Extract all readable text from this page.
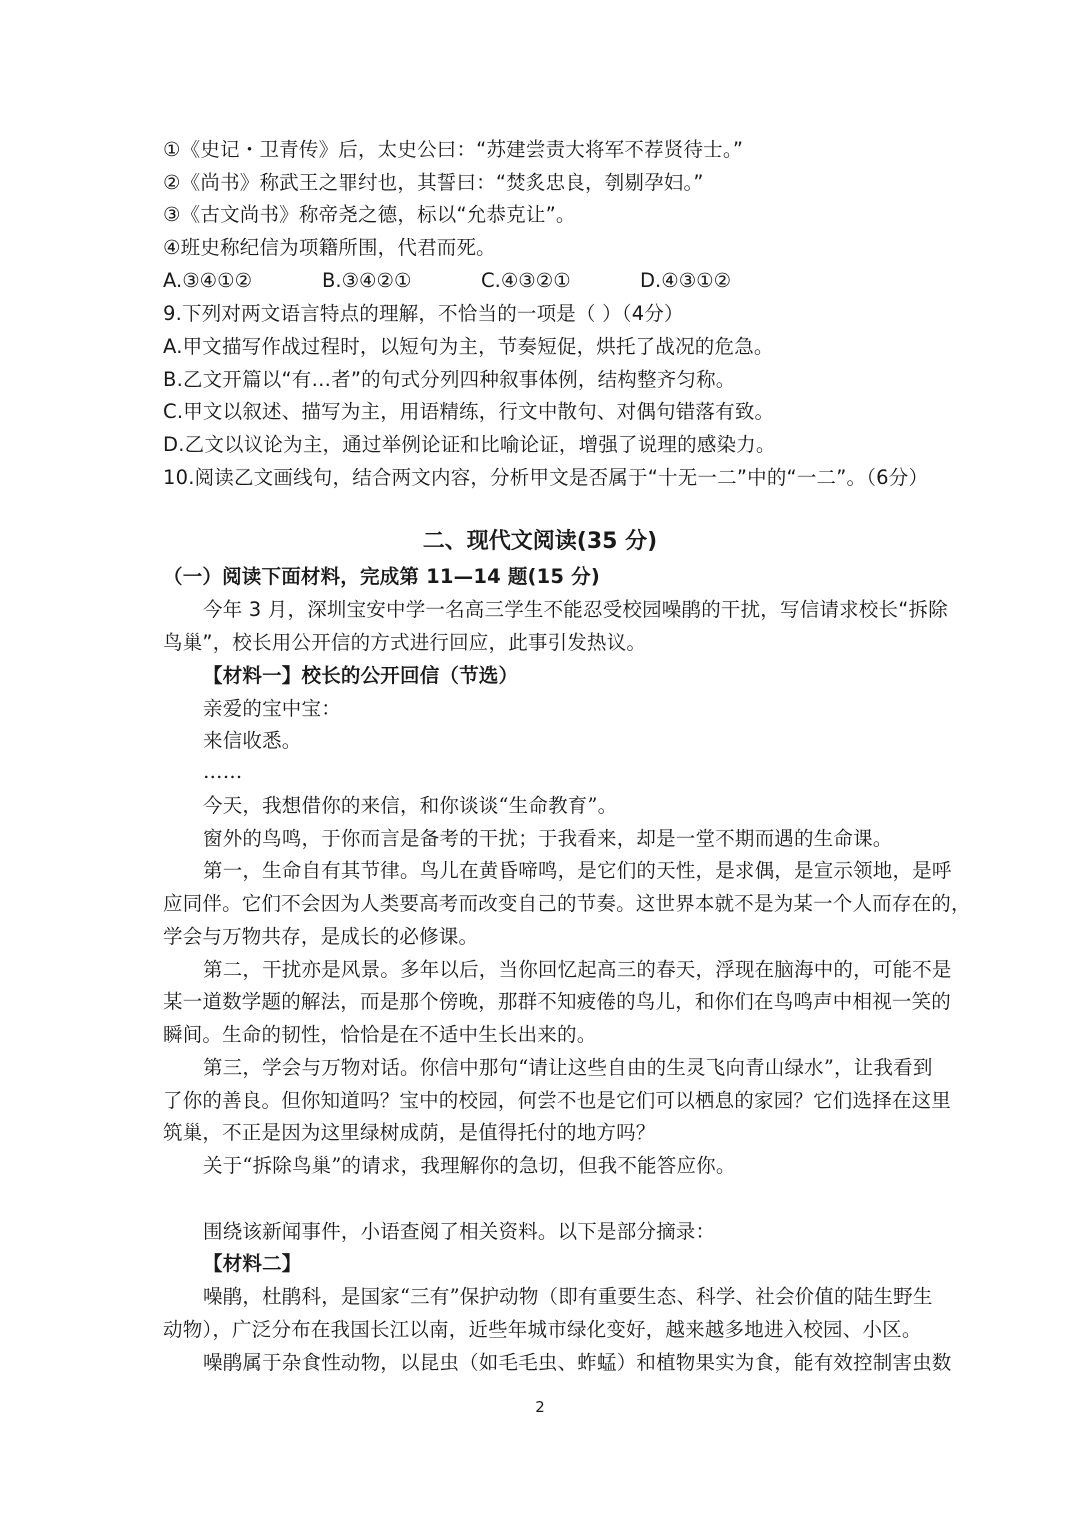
①《史记・卫青传》后，太史公曰：“苏建尝责大将军不荐贤待士。”
②《尚书》称武王之罪纣也，其誓曰：“焚炙忠良，刳剔孕妇。”
③《古文尚书》称帝尧之德，标以“允恭克让”。
④班史称纪信为项籍所围，代君而死。
A.③④①②	B.③④②①	C.④③②①	D.④③①②
9.下列对两文语言特点的理解，不恰当的一项是（ ）（4分）
A.甲文描写作战过程时，以短句为主，节奏短促，烘托了战况的危急。
B.乙文开篇以“有…者”的句式分列四种叙事体例，结构整齐匀称。
C.甲文以叙述、描写为主，用语精练，行文中散句、对偶句错落有致。
D.乙文以议论为主，通过举例论证和比喻论证，增强了说理的感染力。
10.阅读乙文画线句，结合两文内容，分析甲文是否属于“十无一二”中的“一二”。（6分）
二、现代文阅读(35 分)
（一）阅读下面材料，完成第 11—14 题(15 分)
今年 3 月，深圳宝安中学一名高三学生不能忍受校园噪鹃的干扰，写信请求校长“拆除
鸟巢”，校长用公开信的方式进行回应，此事引发热议。
【材料一】校长的公开回信（节选）
亲爱的宝中宝：
来信收悉。
……
今天，我想借你的来信，和你谈谈“生命教育”。
窗外的鸟鸣，于你而言是备考的干扰；于我看来，却是一堂不期而遇的生命课。
第一，生命自有其节律。鸟儿在黄昏啼鸣，是它们的天性，是求偶，是宣示领地，是呼
应同伴。它们不会因为人类要高考而改变自己的节奏。这世界本就不是为某一个人而存在的，
学会与万物共存，是成长的必修课。
第二，干扰亦是风景。多年以后，当你回忆起高三的春天，浮现在脑海中的，可能不是
某一道数学题的解法，而是那个傍晚，那群不知疲倦的鸟儿，和你们在鸟鸣声中相视一笑的
瞬间。生命的韧性，恰恰是在不适中生长出来的。
第三，学会与万物对话。你信中那句“请让这些自由的生灵飞向青山绿水”，让我看到
了你的善良。但你知道吗？宝中的校园，何尝不也是它们可以栖息的家园？它们选择在这里
筑巢，不正是因为这里绿树成荫，是值得托付的地方吗？
关于“拆除鸟巢”的请求，我理解你的急切，但我不能答应你。
围绕该新闻事件，小语查阅了相关资料。以下是部分摘录：
【材料二】
噪鹃，杜鹃科，是国家“三有”保护动物（即有重要生态、科学、社会价值的陆生野生
动物），广泛分布在我国长江以南，近些年城市绿化变好，越来越多地进入校园、小区。
噪鹃属于杂食性动物，以昆虫（如毛毛虫、蚱蜢）和植物果实为食，能有效控制害虫数
2
